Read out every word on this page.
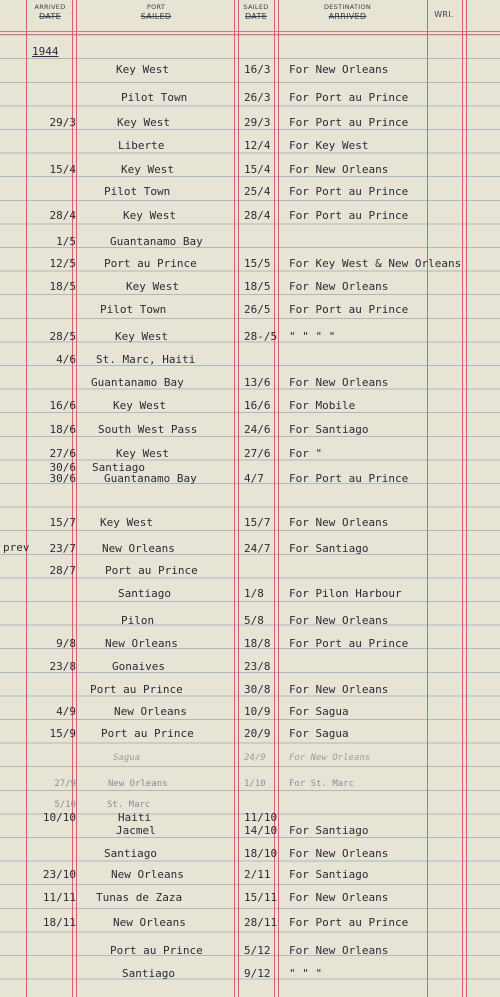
ARRIVED
DATE
PORT
SAILED
SAILED
DATE
DESTINATION
ARRIVED	WRI.
1944
prev
Key West	16/3 For New Orleans
Pilot Town	26/3 For Port au Prince
29/3	Key West	29/3 For Port au Prince
Liberte	12/4 For Key West
15/4	Key West	15/4 For New Orleans
Pilot Town	25/4 For Port au Prince
28/4	Key West	28/4 For Port au Prince
1/5	Guantanamo Bay
12/5	Port au Prince	15/5 For Key West & New Orleans
18/5	Key West	18/5 For New Orleans
Pilot Town	26/5 For Port au Prince
28/5	Key West	28-/5 " " " "
4/6 St. Marc, Haiti
Guantanamo Bay	13/6 For New Orleans
16/6	Key West	16/6 For Mobile
18/6 South West Pass	24/6 For Santiago
27/6	Key West	27/6 For "
30/6 Santiago
30/6	Guantanamo Bay	4/7 For Port au Prince
15/7 Key West	15/7 For New Orleans
23/7 New Orleans	24/7 For Santiago
28/7	Port au Prince
Santiago	1/8 For Pilon Harbour
Pilon	5/8 For New Orleans
9/8	New Orleans	18/8 For Port au Prince
23/8	Gonaives	23/8
Port au Prince	30/8 For New Orleans
4/9	New Orleans	10/9 For Sagua
15/9 Port au Prince	20/9 For Sagua
Sagua	24/9	For New Orleans
27/9	New Orleans	1/10	For St. Marc
5/10	St. Marc
10/10	Haiti	11/10
Jacmel	14/10 For Santiago
Santiago	18/10 For New Orleans
23/10	New Orleans	2/11 For Santiago
11/11 Tunas de Zaza	15/11 For New Orleans
18/11	New Orleans	28/11 For Port au Prince
Port au Prince	5/12 For New Orleans
Santiago	9/12 " " "
